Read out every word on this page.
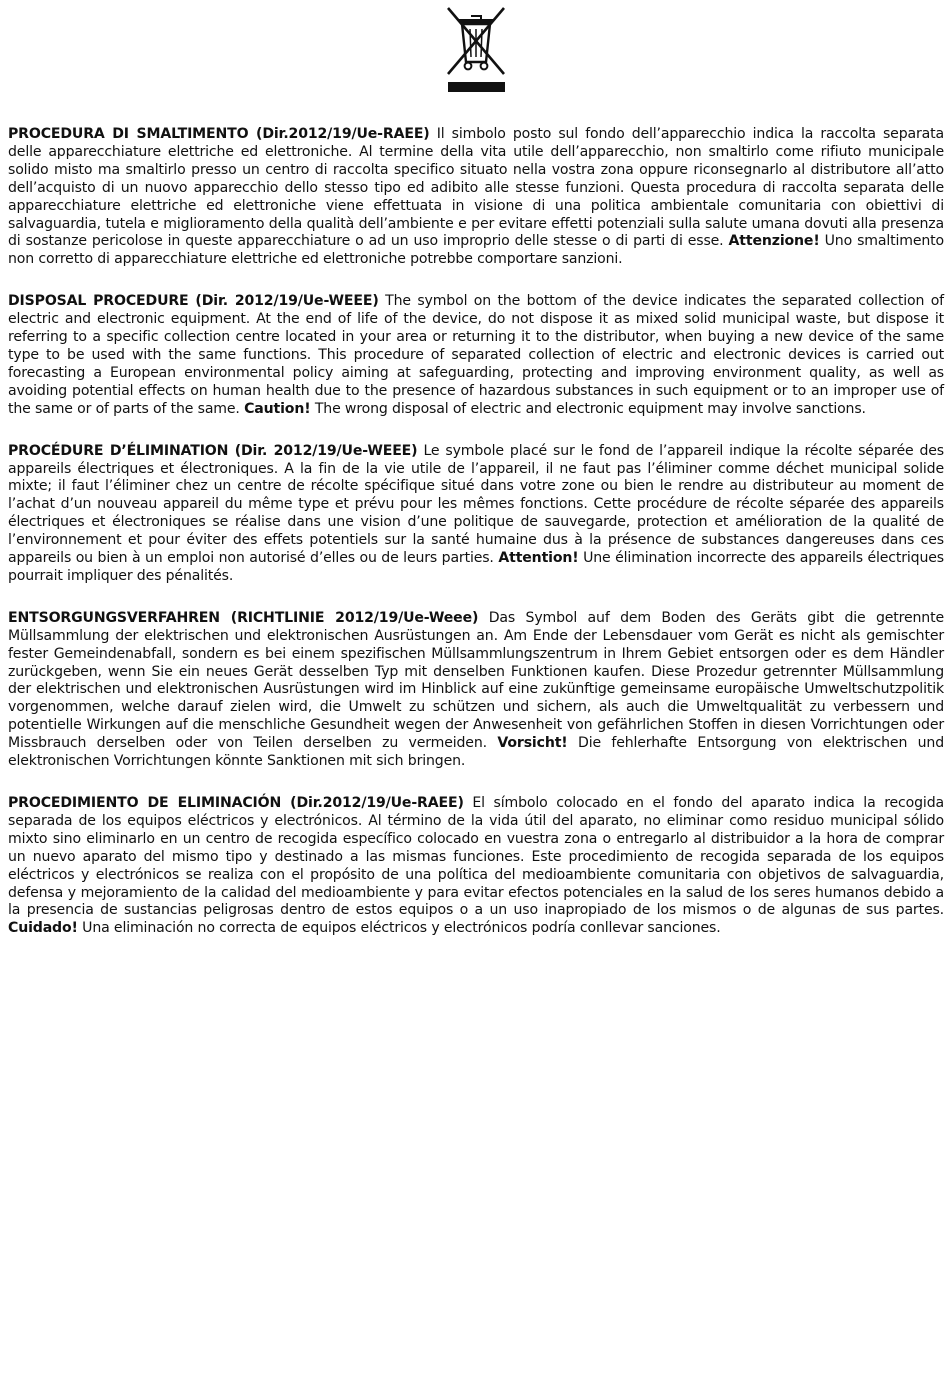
PROCEDURA DI SMALTIMENTO (Dir.2012/19/Ue-RAEE) Il simbolo posto sul fondo dell’apparecchio indica la raccolta separata delle apparecchiature elettriche ed elettroniche. Al termine della vita utile dell’apparecchio, non smaltirlo come rifiuto municipale solido misto ma smaltirlo presso un centro di raccolta specifico situato nella vostra zona oppure riconsegnarlo al distributore all’atto dell’acquisto di un nuovo apparecchio dello stesso tipo ed adibito alle stesse funzioni. Questa procedura di raccolta separata delle apparecchiature elettriche ed elettroniche viene effettuata in visione di una politica ambientale comunitaria con obiettivi di salvaguardia, tutela e miglioramento della qualità dell’ambiente e per evitare effetti potenziali sulla salute umana dovuti alla presenza di sostanze pericolose in queste apparecchiature o ad un uso improprio delle stesse o di parti di esse. Attenzione! Uno smaltimento non corretto di apparecchiature elettriche ed elettroniche potrebbe comportare sanzioni.

DISPOSAL PROCEDURE (Dir. 2012/19/Ue-WEEE) The symbol on the bottom of the device indicates the separated collection of electric and electronic equipment. At the end of life of the device, do not dispose it as mixed solid municipal waste, but dispose it referring to a specific collection centre located in your area or returning it to the distributor, when buying a new device of the same type to be used with the same functions. This procedure of separated collection of electric and electronic devices is carried out forecasting a European environmental policy aiming at safeguarding, protecting and improving environment quality, as well as avoiding potential effects on human health due to the presence of hazardous substances in such equipment or to an improper use of the same or of parts of the same. Caution! The wrong disposal of electric and electronic equipment may involve sanctions.

PROCÉDURE D’ÉLIMINATION (Dir. 2012/19/Ue-WEEE) Le symbole placé sur le fond de l’appareil indique la récolte séparée des appareils électriques et électroniques. A la fin de la vie utile de l’appareil, il ne faut pas l’éliminer comme déchet municipal solide mixte; il faut l’éliminer chez un centre de récolte spécifique situé dans votre zone ou bien le rendre au distributeur au moment de l’achat d’un nouveau appareil du même type et prévu pour les mêmes fonctions. Cette procédure de récolte séparée des appareils électriques et électroniques se réalise dans une vision d’une politique de sauvegarde, protection et amélioration de la qualité de l’environnement et pour éviter des effets potentiels sur la santé humaine dus à la présence de substances dangereuses dans ces appareils ou bien à un emploi non autorisé d’elles ou de leurs parties. Attention! Une élimination incorrecte des appareils électriques pourrait impliquer des pénalités.

ENTSORGUNGSVERFAHREN (RICHTLINIE 2012/19/Ue-Weee) Das Symbol auf dem Boden des Geräts gibt die getrennte Müllsammlung der elektrischen und elektronischen Ausrüstungen an. Am Ende der Lebensdauer vom Gerät es nicht als gemischter fester Gemeindenabfall, sondern es bei einem spezifischen Müllsammlungszentrum in Ihrem Gebiet entsorgen oder es dem Händler zurückgeben, wenn Sie ein neues Gerät desselben Typ mit denselben Funktionen kaufen. Diese Prozedur getrennter Müllsammlung der elektrischen und elektronischen Ausrüstungen wird im Hinblick auf eine zukünftige gemeinsame europäische Umweltschutzpolitik vorgenommen, welche darauf zielen wird, die Umwelt zu schützen und sichern, als auch die Umweltqualität zu verbessern und potentielle Wirkungen auf die menschliche Gesundheit wegen der Anwesenheit von gefährlichen Stoffen in diesen Vorrichtungen oder Missbrauch derselben oder von Teilen derselben zu vermeiden. Vorsicht! Die fehlerhafte Entsorgung von elektrischen und elektronischen Vorrichtungen könnte Sanktionen mit sich bringen.

PROCEDIMIENTO DE ELIMINACIÓN (Dir.2012/19/Ue-RAEE) El símbolo colocado en el fondo del aparato indica la recogida separada de los equipos eléctricos y electrónicos. Al término de la vida útil del aparato, no eliminar como residuo municipal sólido mixto sino eliminarlo en un centro de recogida específico colocado en vuestra zona o entregarlo al distribuidor a la hora de comprar un nuevo aparato del mismo tipo y destinado a las mismas funciones. Este procedimiento de recogida separada de los equipos eléctricos y electrónicos se realiza con el propósito de una política del medioambiente comunitaria con objetivos de salvaguardia, defensa y mejoramiento de la calidad del medioambiente y para evitar efectos potenciales en la salud de los seres humanos debido a la presencia de sustancias peligrosas dentro de estos equipos o a un uso inapropiado de los mismos o de algunas de sus partes. Cuidado! Una eliminación no correcta de equipos eléctricos y electrónicos podría conllevar sanciones.
